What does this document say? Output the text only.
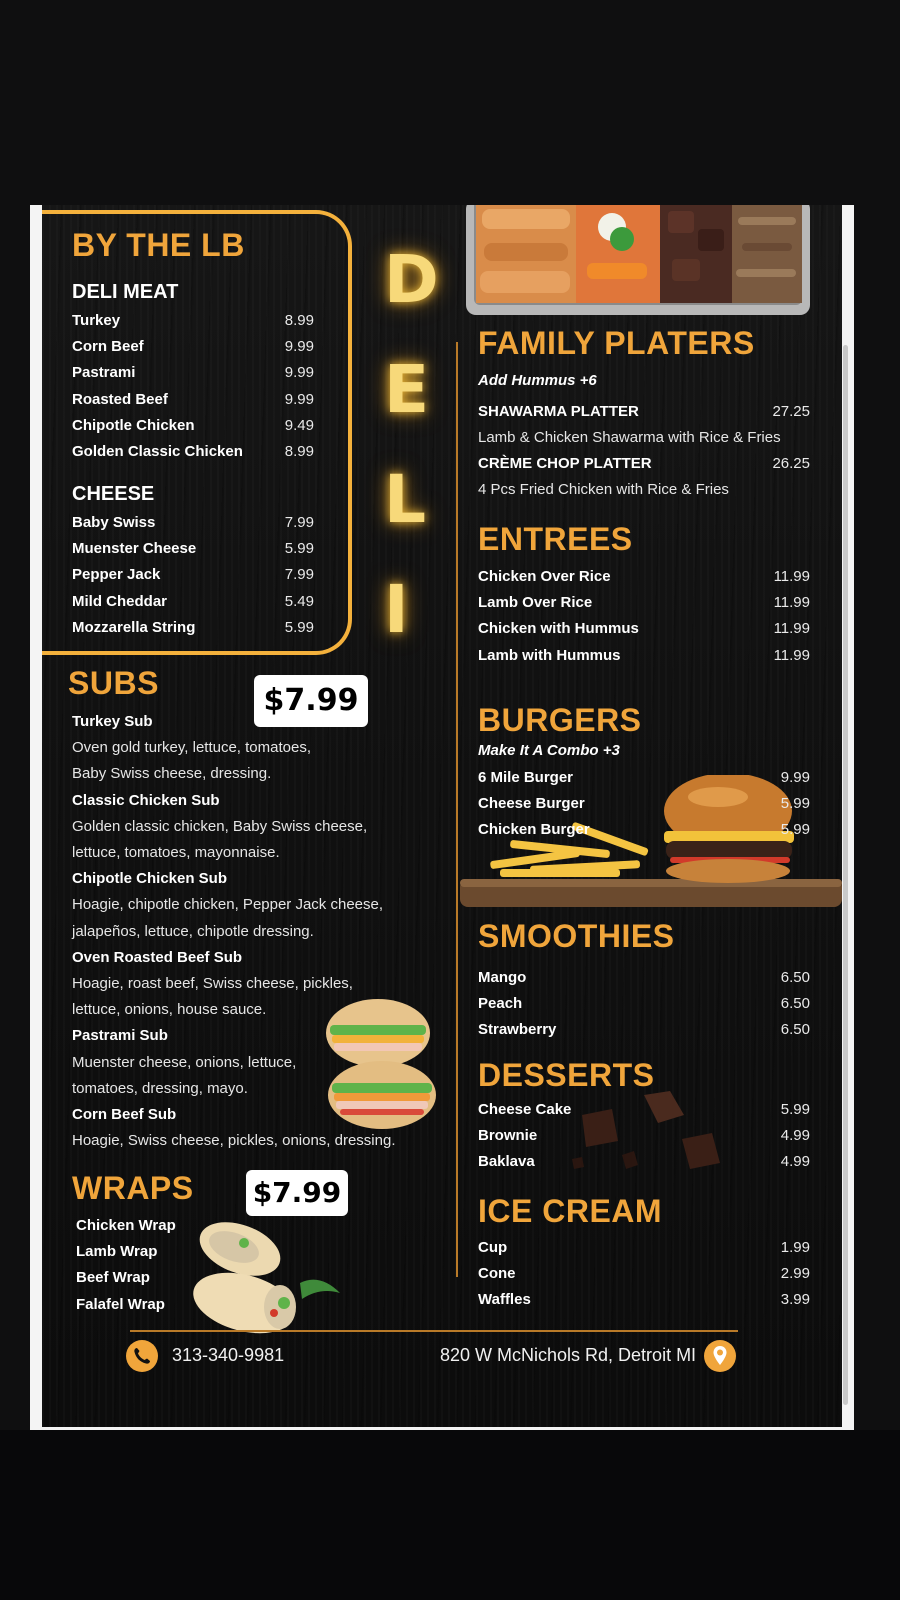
BY THE LB
DELI MEAT
Turkey	8.99
Corn Beef	9.99
Pastrami	9.99
Roasted Beef	9.99
Chipotle Chicken	9.49
Golden Classic Chicken	8.99
CHEESE
Baby Swiss	7.99
Muenster Cheese	5.99
Pepper Jack	7.99
Mild Cheddar	5.49
Mozzarella String	5.99
D
E
L
I
FAMILY PLATERS
Add Hummus +6
SHAWARMA PLATTER	27.25
Lamb & Chicken Shawarma with Rice & Fries
CRÈME CHOP PLATTER	26.25
4 Pcs Fried Chicken with Rice & Fries
ENTREES
Chicken Over Rice	11.99
Lamb Over Rice	11.99
Chicken with Hummus	11.99
Lamb with Hummus	11.99
SUBS	$7.99
Turkey Sub
Oven gold turkey, lettuce, tomatoes,
Baby Swiss cheese, dressing.
Classic Chicken Sub
Golden classic chicken, Baby Swiss cheese,
lettuce, tomatoes, mayonnaise.
Chipotle Chicken Sub
Hoagie, chipotle chicken, Pepper Jack cheese,
jalapeños, lettuce, chipotle dressing.
Oven Roasted Beef Sub
Hoagie, roast beef, Swiss cheese, pickles,
lettuce, onions, house sauce.
Pastrami Sub
Muenster cheese, onions, lettuce,
tomatoes, dressing, mayo.
Corn Beef Sub
Hoagie, Swiss cheese, pickles, onions, dressing.
BURGERS
Make It A Combo +3
6 Mile Burger	9.99
Cheese Burger	5.99
Chicken Burger	5.99
SMOOTHIES
Mango	6.50
Peach	6.50
Strawberry	6.50
DESSERTS
Cheese Cake	5.99
Brownie	4.99
Baklava	4.99
WRAPS $7.99
Chicken Wrap
Lamb Wrap
Beef Wrap
Falafel Wrap
ICE CREAM
Cup	1.99
Cone	2.99
Waffles	3.99
313-340-9981	820 W McNichols Rd, Detroit MI
